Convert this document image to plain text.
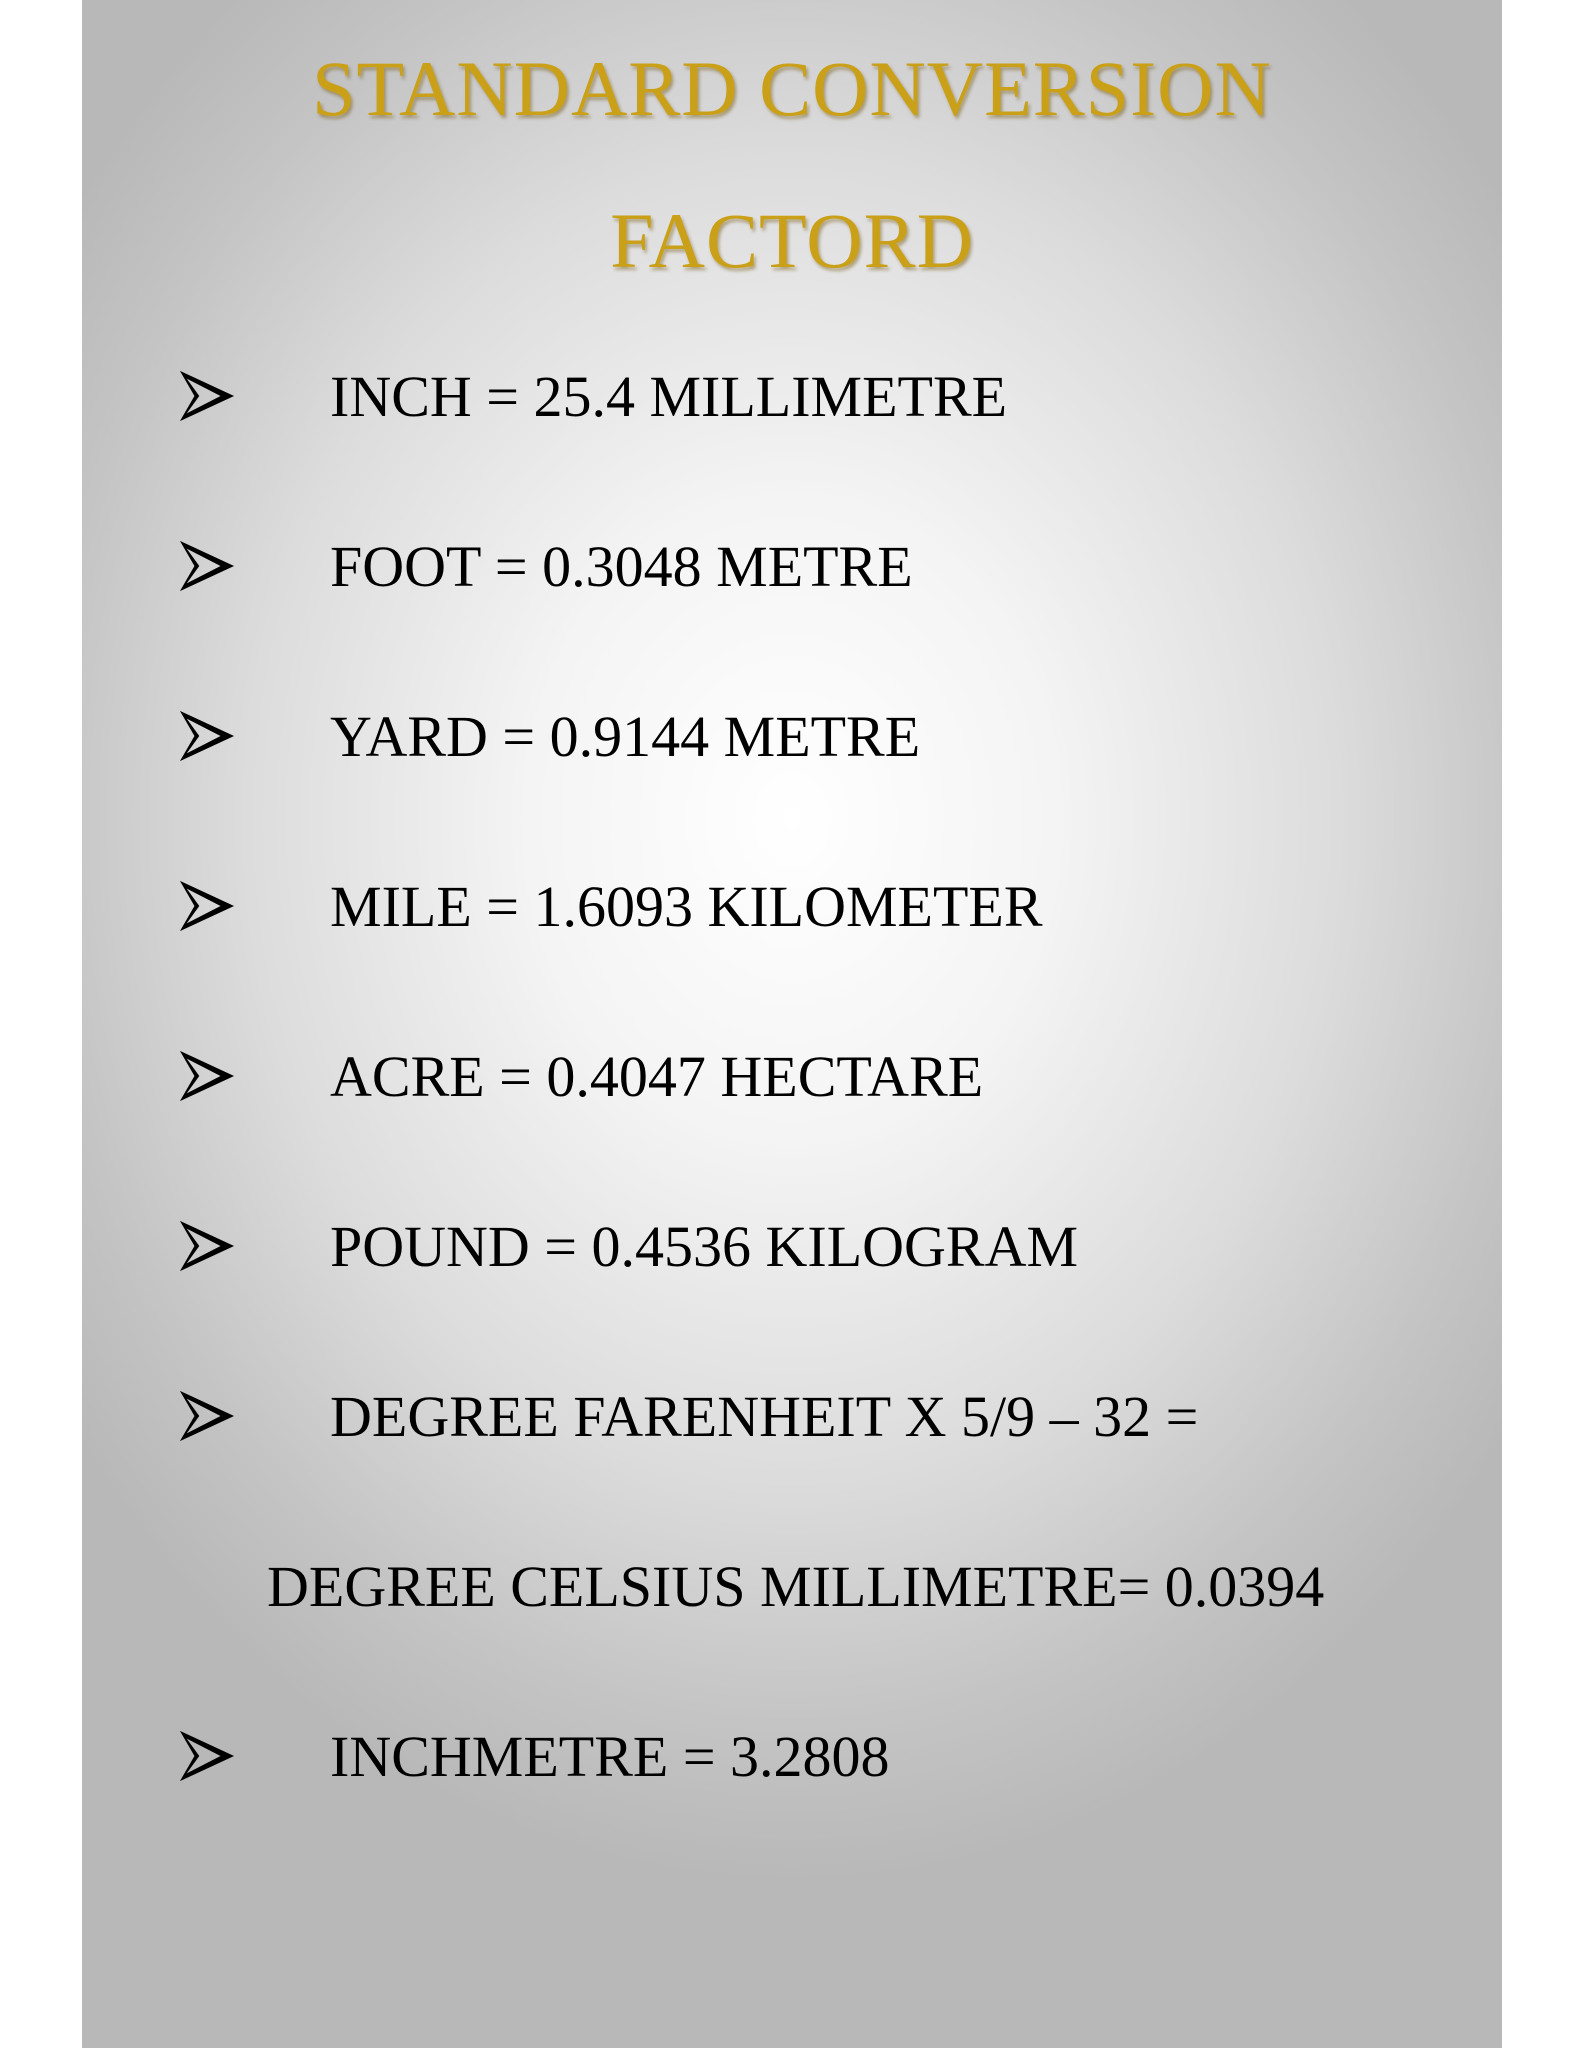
STANDARD CONVERSION
FACTORD
INCH = 25.4 MILLIMETRE
FOOT = 0.3048 METRE
YARD = 0.9144 METRE
MILE = 1.6093 KILOMETER
ACRE = 0.4047 HECTARE
POUND = 0.4536 KILOGRAM
DEGREE FARENHEIT X 5/9 – 32 =
DEGREE CELSIUS MILLIMETRE= 0.0394
INCHMETRE = 3.2808
